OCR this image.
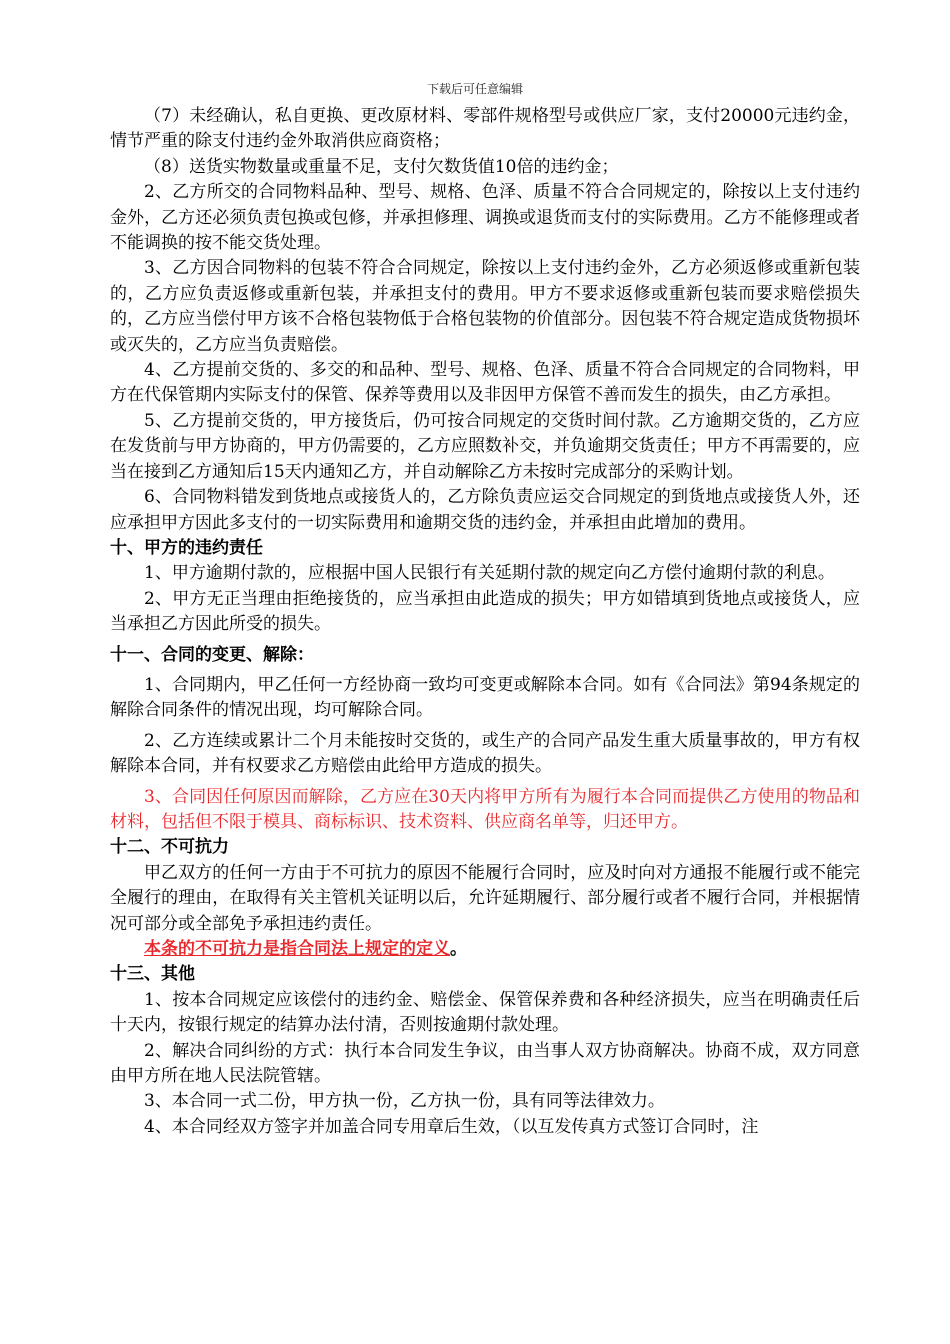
下载后可任意编辑

（7）未经确认，私自更换、更改原材料、零部件规格型号或供应厂家，支付20000元违约金，情节严重的除支付违约金外取消供应商资格；

（8）送货实物数量或重量不足，支付欠数货值10倍的违约金；

2、乙方所交的合同物料品种、型号、规格、色泽、质量不符合合同规定的，除按以上支付违约金外，乙方还必须负责包换或包修，并承担修理、调换或退货而支付的实际费用。乙方不能修理或者不能调换的按不能交货处理。

3、乙方因合同物料的包装不符合合同规定，除按以上支付违约金外，乙方必须返修或重新包装的，乙方应负责返修或重新包装，并承担支付的费用。甲方不要求返修或重新包装而要求赔偿损失的，乙方应当偿付甲方该不合格包装物低于合格包装物的价值部分。因包装不符合规定造成货物损坏或灭失的，乙方应当负责赔偿。

4、乙方提前交货的、多交的和品种、型号、规格、色泽、质量不符合合同规定的合同物料，甲方在代保管期内实际支付的保管、保养等费用以及非因甲方保管不善而发生的损失，由乙方承担。

5、乙方提前交货的，甲方接货后，仍可按合同规定的交货时间付款。乙方逾期交货的，乙方应在发货前与甲方协商的，甲方仍需要的，乙方应照数补交，并负逾期交货责任；甲方不再需要的，应当在接到乙方通知后15天内通知乙方，并自动解除乙方未按时完成部分的采购计划。

6、合同物料错发到货地点或接货人的，乙方除负责应运交合同规定的到货地点或接货人外，还应承担甲方因此多支付的一切实际费用和逾期交货的违约金，并承担由此增加的费用。

十、甲方的违约责任

1、甲方逾期付款的，应根据中国人民银行有关延期付款的规定向乙方偿付逾期付款的利息。

2、甲方无正当理由拒绝接货的，应当承担由此造成的损失；甲方如错填到货地点或接货人，应当承担乙方因此所受的损失。

十一、合同的变更、解除：

1、合同期内，甲乙任何一方经协商一致均可变更或解除本合同。如有《合同法》第94条规定的解除合同条件的情况出现，均可解除合同。

2、乙方连续或累计二个月未能按时交货的，或生产的合同产品发生重大质量事故的，甲方有权解除本合同，并有权要求乙方赔偿由此给甲方造成的损失。

3、合同因任何原因而解除，乙方应在30天内将甲方所有为履行本合同而提供乙方使用的物品和材料，包括但不限于模具、商标标识、技术资料、供应商名单等，归还甲方。

十二、不可抗力

甲乙双方的任何一方由于不可抗力的原因不能履行合同时，应及时向对方通报不能履行或不能完全履行的理由，在取得有关主管机关证明以后，允许延期履行、部分履行或者不履行合同，并根据情况可部分或全部免予承担违约责任。

本条的不可抗力是指合同法上规定的定义。

十三、其他

1、按本合同规定应该偿付的违约金、赔偿金、保管保养费和各种经济损失，应当在明确责任后十天内，按银行规定的结算办法付清，否则按逾期付款处理。

2、解决合同纠纷的方式：执行本合同发生争议，由当事人双方协商解决。协商不成，双方同意由甲方所在地人民法院管辖。

3、本合同一式二份，甲方执一份，乙方执一份，具有同等法律效力。

4、本合同经双方签字并加盖合同专用章后生效，（以互发传真方式签订合同时，注
